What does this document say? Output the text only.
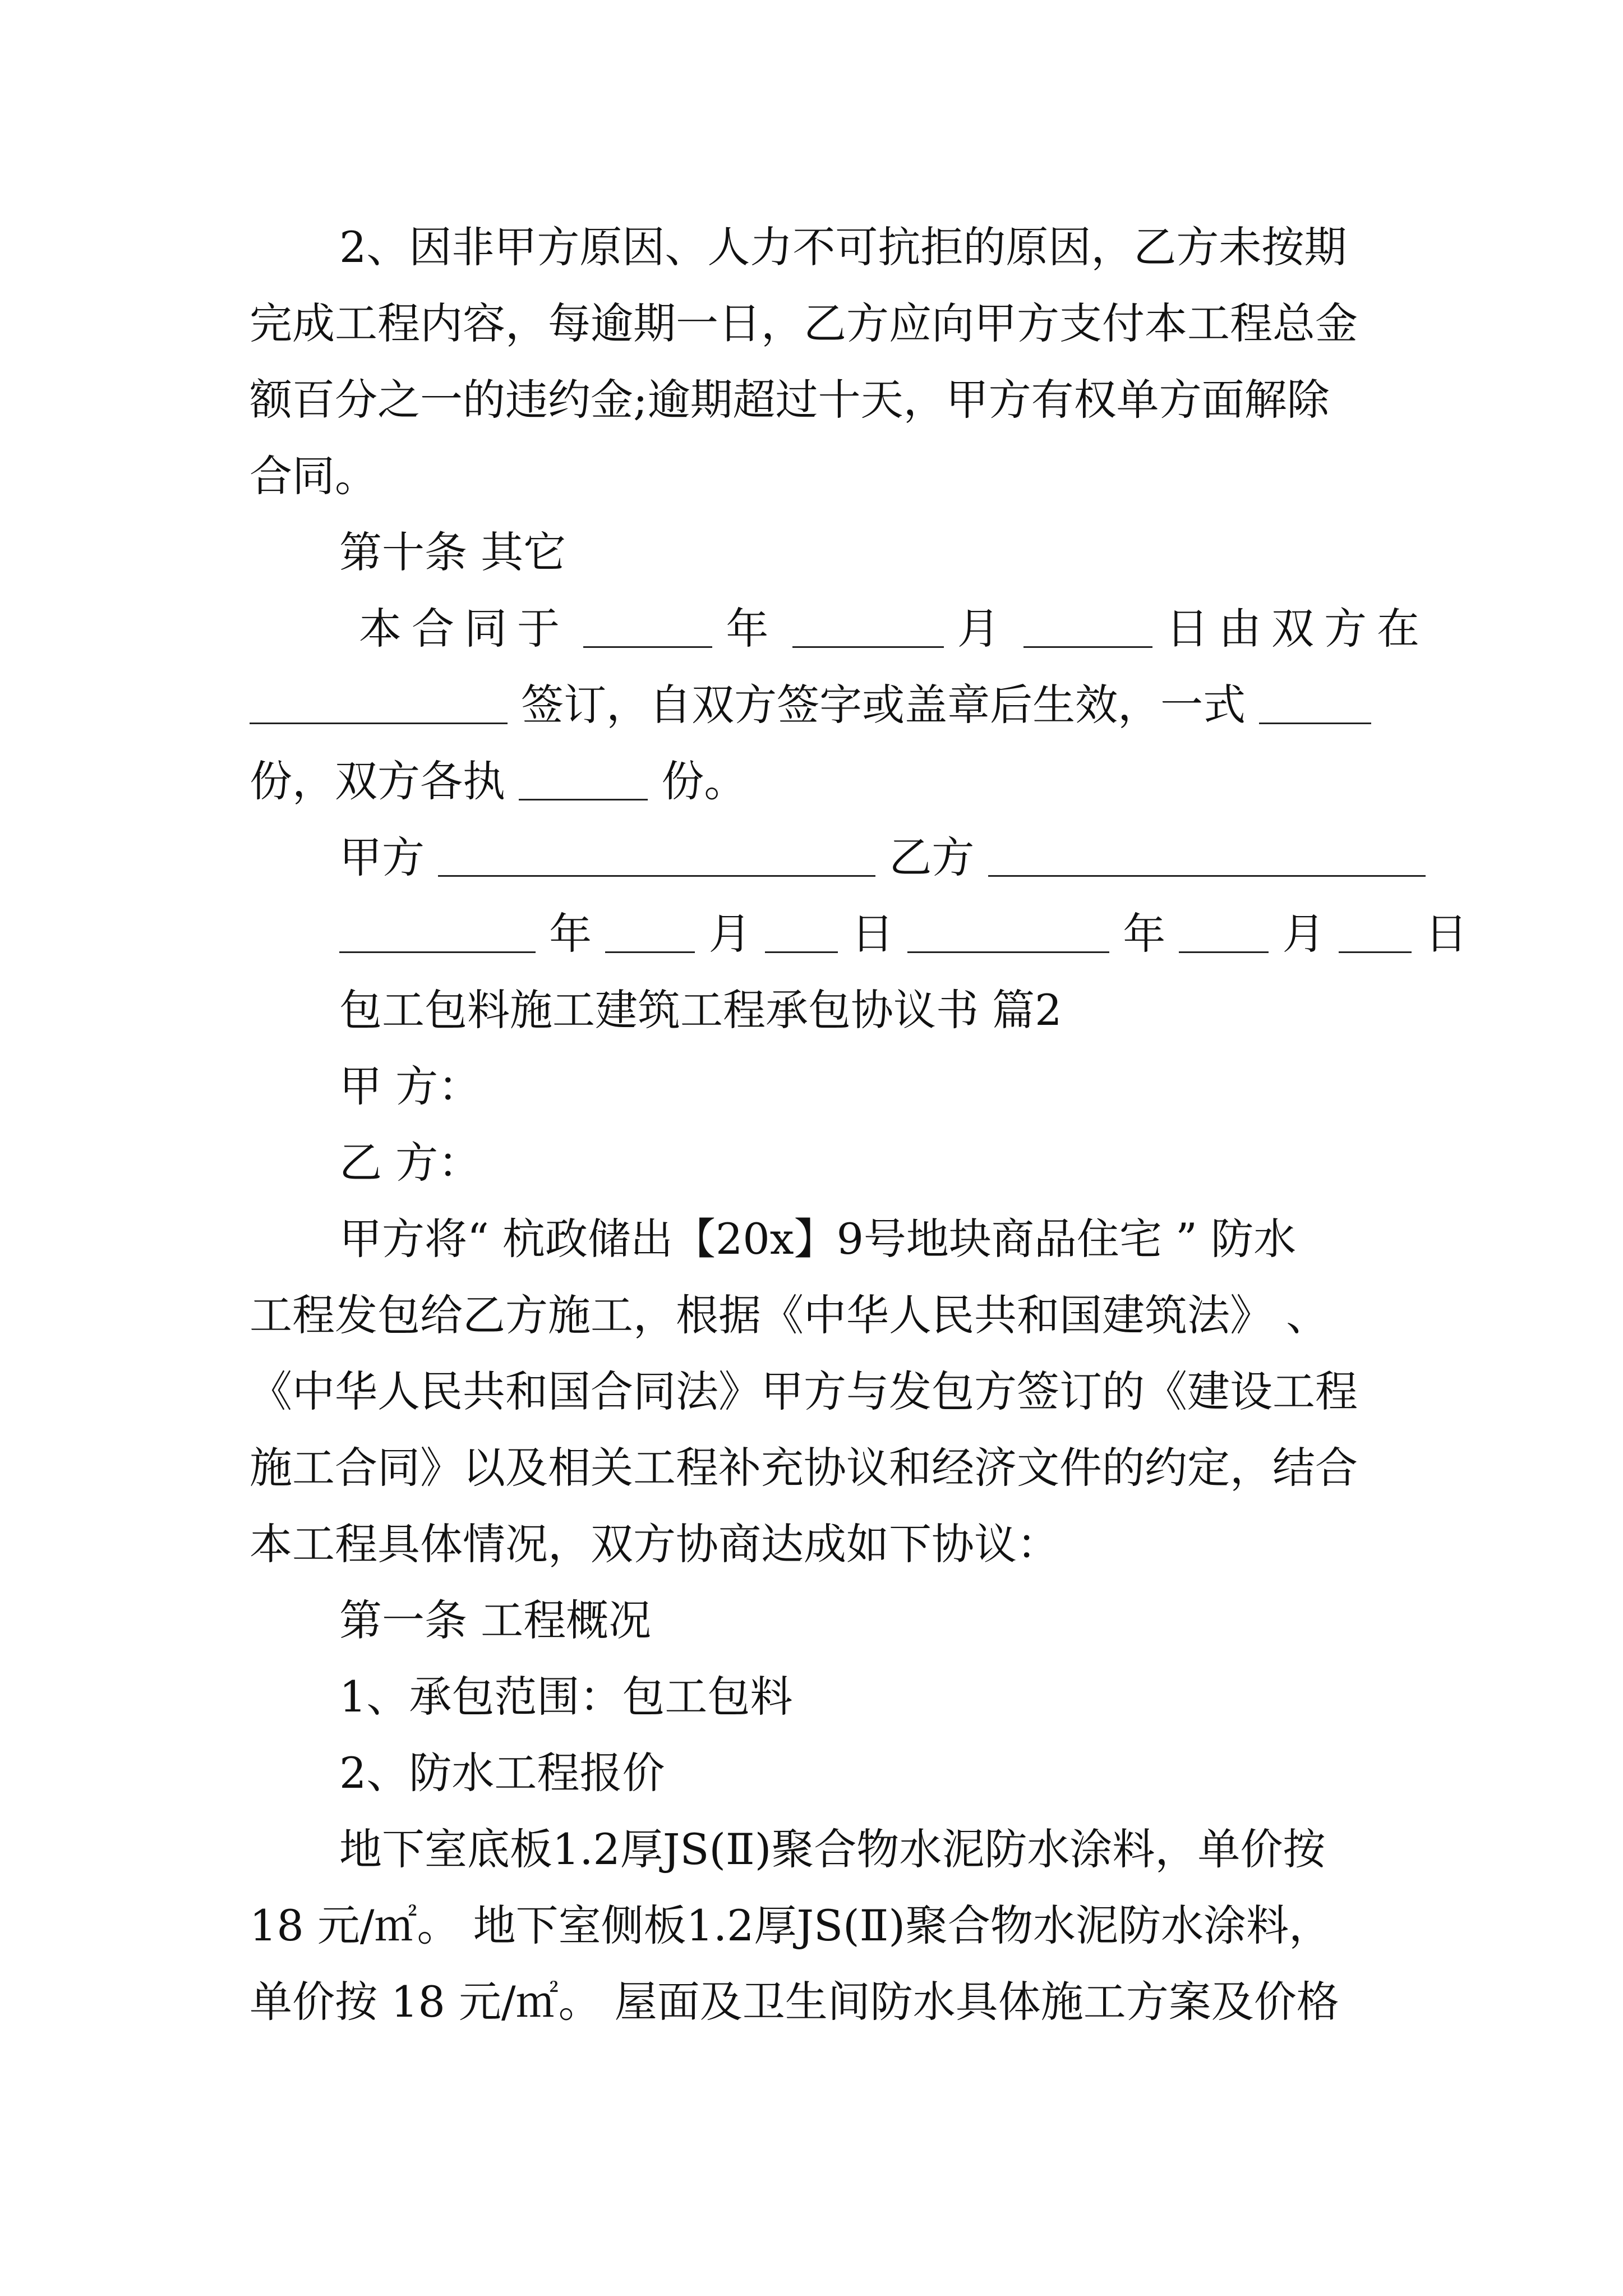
2、因非甲方原因、人力不可抗拒的原因，乙方未按期
完成工程内容，每逾期一日，乙方应向甲方支付本工程总金
额百分之一的违约金;逾期超过十天，甲方有权单方面解除
合同。
第十条 其它
本合同于	年	月	日由双方在
签订，自双方签字或盖章后生效，一式
份，双方各执	份。
甲方	乙方
年	月 日	年	月 日
包工包料施工建筑工程承包协议书 篇2
甲 方：
乙 方：
甲方将“ 杭政储出【20x】9号地块商品住宅 ” 防水
工程发包给乙方施工，根据《中华人民共和国建筑法》 、
《中华人民共和国合同法》甲方与发包方签订的《建设工程
施工合同》以及相关工程补充协议和经济文件的约定，结合
本工程具体情况，双方协商达成如下协议：
第一条 工程概况
1、承包范围：包工包料
2、防水工程报价
地下室底板1.2厚JS(Ⅱ)聚合物水泥防水涂料，单价按
18 元/㎡。 地下室侧板1.2厚JS(Ⅱ)聚合物水泥防水涂料，
单价按 18 元/㎡。 屋面及卫生间防水具体施工方案及价格
